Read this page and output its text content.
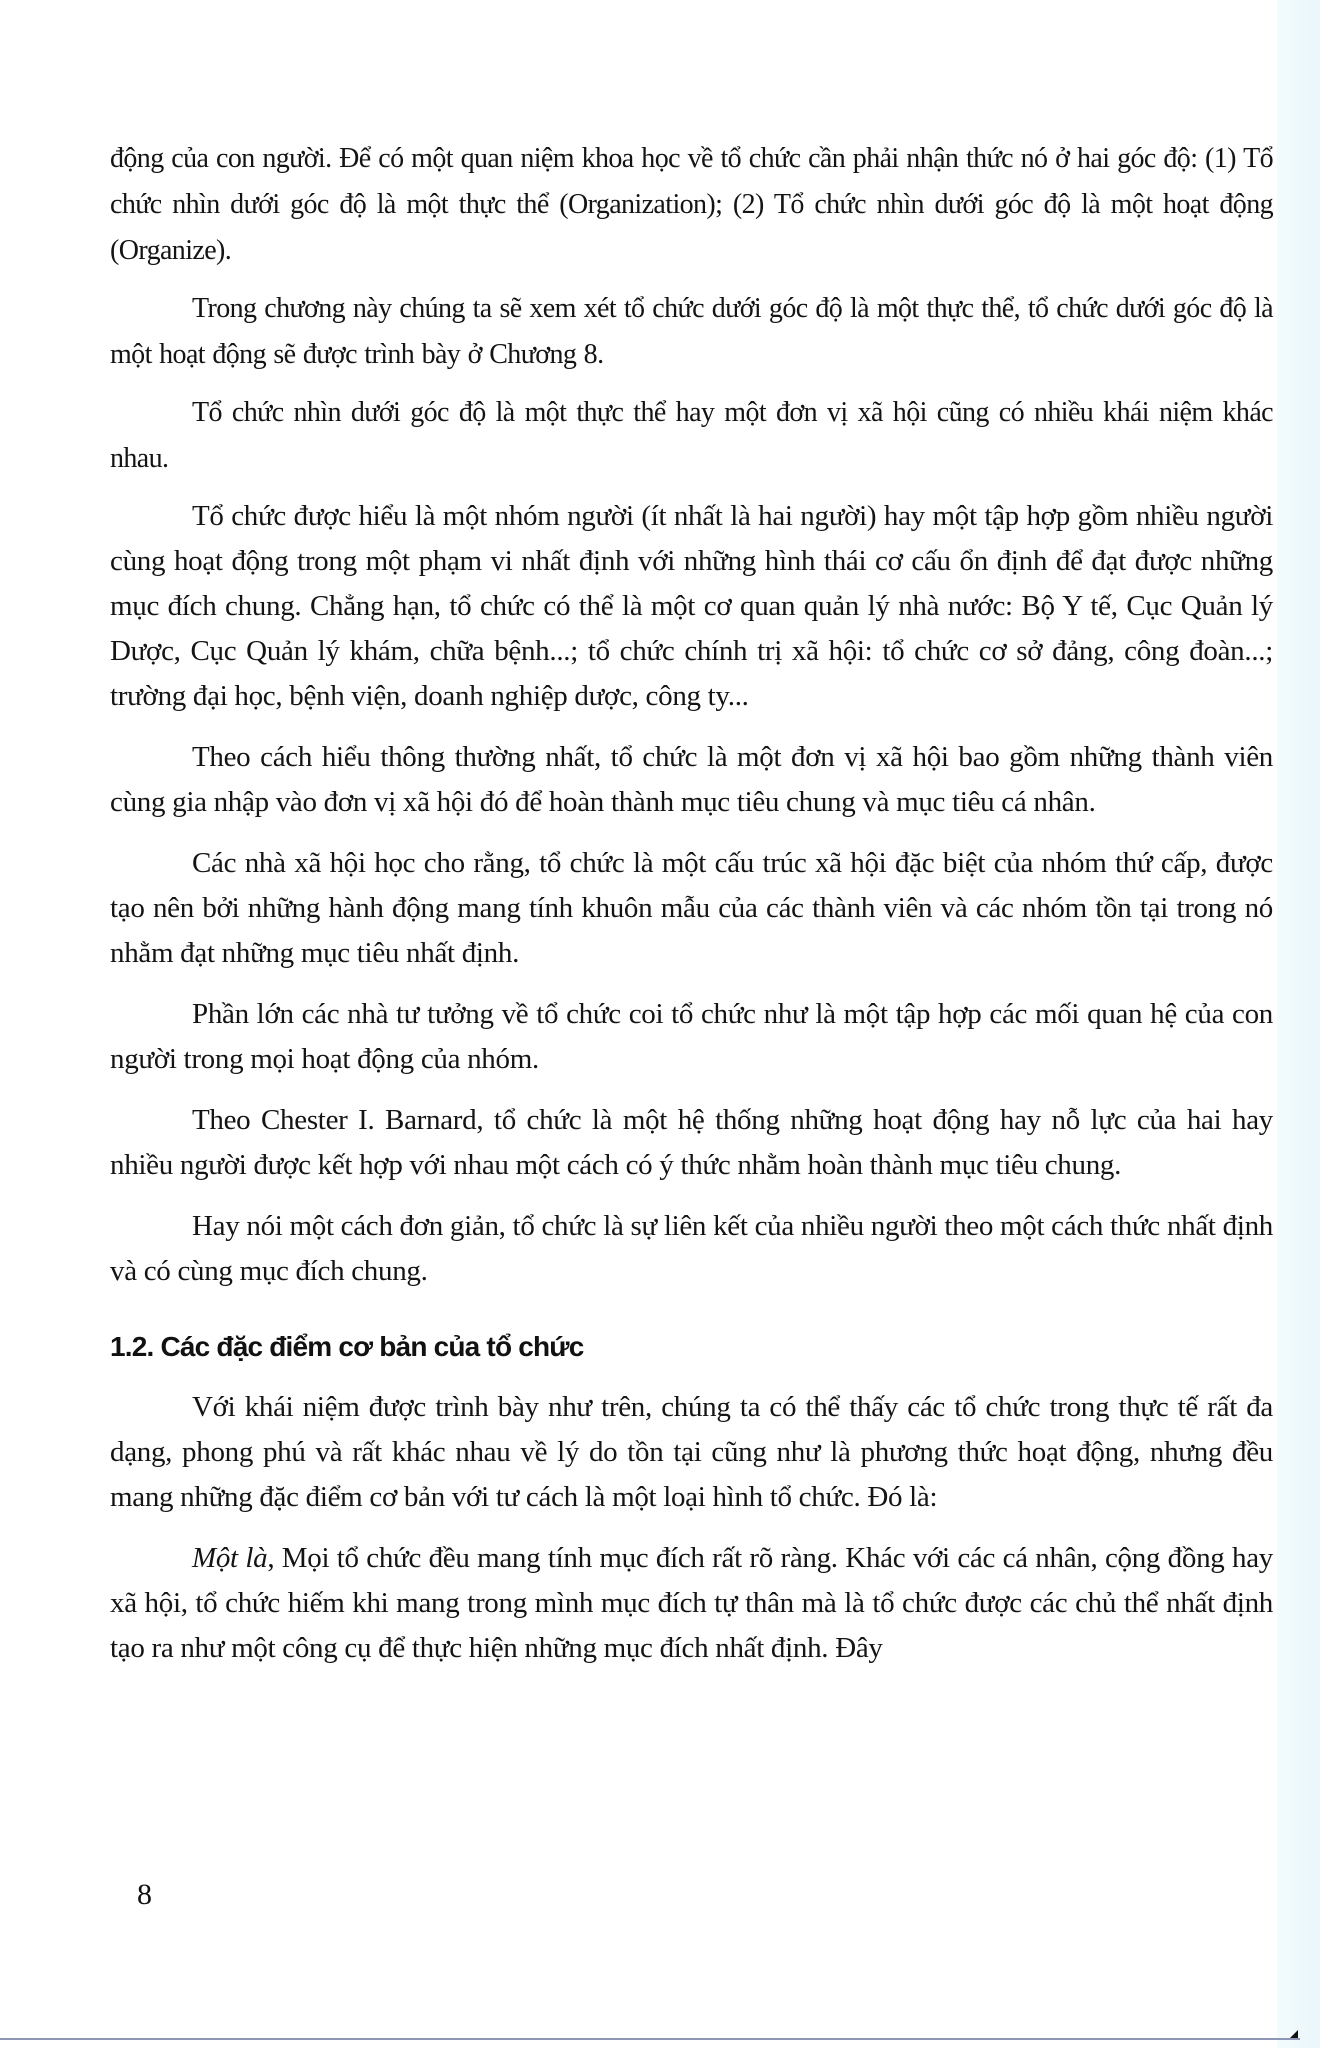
động của con người. Để có một quan niệm khoa học về tổ chức cần phải nhận thức nó ở hai góc độ: (1) Tổ chức nhìn dưới góc độ là một thực thể (Organization); (2) Tổ chức nhìn dưới góc độ là một hoạt động (Organize).

Trong chương này chúng ta sẽ xem xét tổ chức dưới góc độ là một thực thể, tổ chức dưới góc độ là một hoạt động sẽ được trình bày ở Chương 8.

Tổ chức nhìn dưới góc độ là một thực thể hay một đơn vị xã hội cũng có nhiều khái niệm khác nhau.

Tổ chức được hiểu là một nhóm người (ít nhất là hai người) hay một tập hợp gồm nhiều người cùng hoạt động trong một phạm vi nhất định với những hình thái cơ cấu ổn định để đạt được những mục đích chung. Chẳng hạn, tổ chức có thể là một cơ quan quản lý nhà nước: Bộ Y tế, Cục Quản lý Dược, Cục Quản lý khám, chữa bệnh...; tổ chức chính trị xã hội: tổ chức cơ sở đảng, công đoàn...; trường đại học, bệnh viện, doanh nghiệp dược, công ty...

Theo cách hiểu thông thường nhất, tổ chức là một đơn vị xã hội bao gồm những thành viên cùng gia nhập vào đơn vị xã hội đó để hoàn thành mục tiêu chung và mục tiêu cá nhân.

Các nhà xã hội học cho rằng, tổ chức là một cấu trúc xã hội đặc biệt của nhóm thứ cấp, được tạo nên bởi những hành động mang tính khuôn mẫu của các thành viên và các nhóm tồn tại trong nó nhằm đạt những mục tiêu nhất định.

Phần lớn các nhà tư tưởng về tổ chức coi tổ chức như là một tập hợp các mối quan hệ của con người trong mọi hoạt động của nhóm.

Theo Chester I. Barnard, tổ chức là một hệ thống những hoạt động hay nỗ lực của hai hay nhiều người được kết hợp với nhau một cách có ý thức nhằm hoàn thành mục tiêu chung.

Hay nói một cách đơn giản, tổ chức là sự liên kết của nhiều người theo một cách thức nhất định và có cùng mục đích chung.

1.2. Các đặc điểm cơ bản của tổ chức

Với khái niệm được trình bày như trên, chúng ta có thể thấy các tổ chức trong thực tế rất đa dạng, phong phú và rất khác nhau về lý do tồn tại cũng như là phương thức hoạt động, nhưng đều mang những đặc điểm cơ bản với tư cách là một loại hình tổ chức. Đó là:

Một là, Mọi tổ chức đều mang tính mục đích rất rõ ràng. Khác với các cá nhân, cộng đồng hay xã hội, tổ chức hiếm khi mang trong mình mục đích tự thân mà là tổ chức được các chủ thể nhất định tạo ra như một công cụ để thực hiện những mục đích nhất định. Đây

8
